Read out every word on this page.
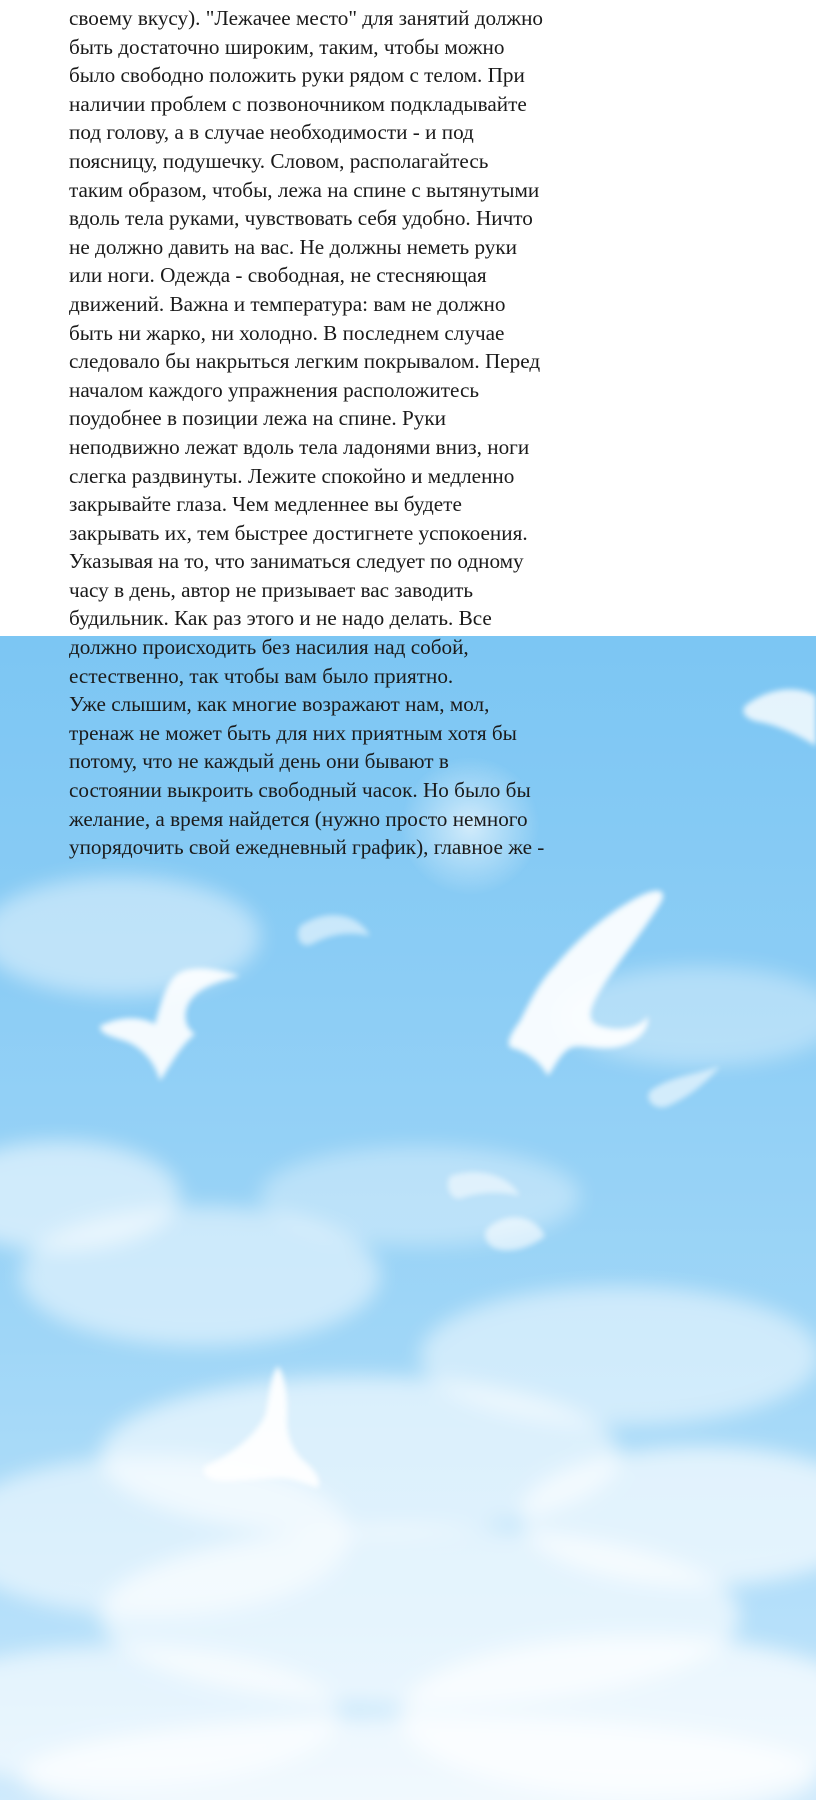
своему вкусу). "Лежачее место" для занятий должно
быть достаточно широким, таким, чтобы можно
было свободно положить руки рядом с телом. При
наличии проблем с позвоночником подкладывайте
под голову, а в случае необходимости - и под
поясницу, подушечку. Словом, располагайтесь
таким образом, чтобы, лежа на спине с вытянутыми
вдоль тела руками, чувствовать себя удобно. Ничто
не должно давить на вас. Не должны неметь руки
или ноги. Одежда - свободная, не стесняющая
движений. Важна и температура: вам не должно
быть ни жарко, ни холодно. В последнем случае
следовало бы накрыться легким покрывалом. Перед
началом каждого упражнения расположитесь
поудобнее в позиции лежа на спине. Руки
неподвижно лежат вдоль тела ладонями вниз, ноги
слегка раздвинуты. Лежите спокойно и медленно
закрывайте глаза. Чем медленнее вы будете
закрывать их, тем быстрее достигнете успокоения.
Указывая на то, что заниматься следует по одному
часу в день, автор не призывает вас заводить
будильник. Как раз этого и не надо делать. Все
должно происходить без насилия над собой,
естественно, так чтобы вам было приятно.
Уже слышим, как многие возражают нам, мол,
тренаж не может быть для них приятным хотя бы
потому, что не каждый день они бывают в
состоянии выкроить свободный часок. Но было бы
желание, а время найдется (нужно просто немного
упорядочить свой ежедневный график), главное же -
